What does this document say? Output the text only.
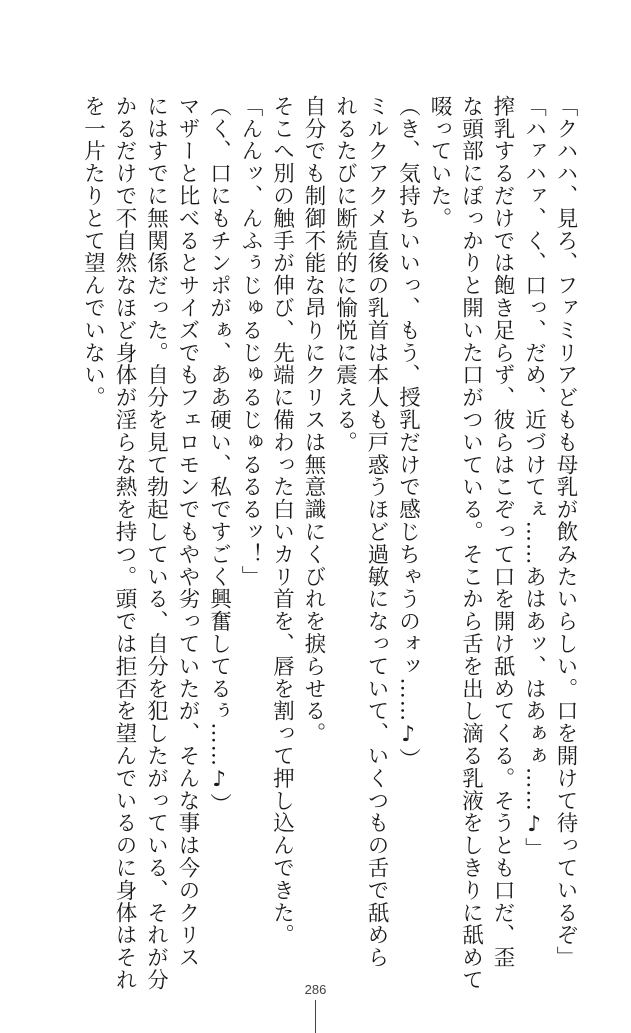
「クハハ、見ろ、ファミリアどもも母乳が飲みたいらしい。口を開けて待っているぞ」
「ハァハァ、く、口っ、だめ、近づけてぇ……あはあッ、はあぁぁ……♪」
搾乳するだけでは飽き足らず、彼らはこぞって口を開け舐めてくる。そうとも口だ、歪
な頭部にぽっかりと開いた口がついている。そこから舌を出し滴る乳液をしきりに舐めて
啜っていた。
（き、気持ちいいっ、もう、授乳だけで感じちゃうのォッ……♪）
ミルクアクメ直後の乳首は本人も戸惑うほど過敏になっていて、いくつもの舌で舐めら
れるたびに断続的に愉悦に震える。
自分でも制御不能な昂りにクリスは無意識にくびれを捩らせる。
そこへ別の触手が伸び、先端に備わった白いカリ首を、唇を割って押し込んできた。
「んんッ、んふぅじゅるじゅるじゅるるるッ！」
（く、口にもチンポがぁ、ああ硬い、私ですごく興奮してるぅ……♪）
マザーと比べるとサイズでもフェロモンでもやや劣っていたが、そんな事は今のクリス
にはすでに無関係だった。自分を見て勃起している、自分を犯したがっている、それが分
かるだけで不自然なほど身体が淫らな熱を持つ。頭では拒否を望んでいるのに身体はそれ
を一片たりとて望んでいない。
286
